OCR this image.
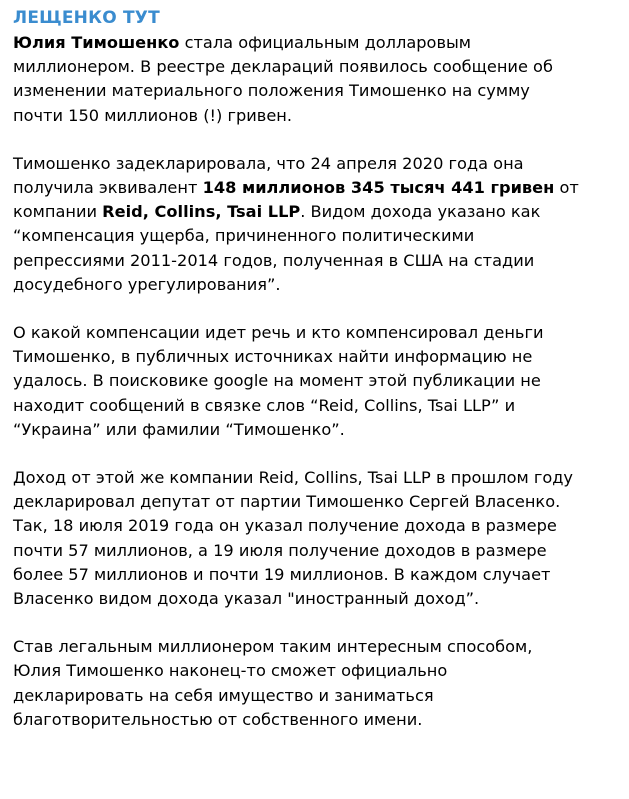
ЛЕЩЕНКО ТУТ

Юлия Тимошенко стала официальным долларовым
миллионером. В реестре деклараций появилось сообщение об
изменении материального положения Тимошенко на сумму
почти 150 миллионов (!) гривен.

Тимошенко задекларировала, что 24 апреля 2020 года она
получила эквивалент 148 миллионов 345 тысяч 441 гривен от
компании Reid, Collins, Tsai LLP. Видом дохода указано как
“компенсация ущерба, причиненного политическими
репрессиями 2011-2014 годов, полученная в США на стадии
досудебного урегулирования”.

О какой компенсации идет речь и кто компенсировал деньги
Тимошенко, в публичных источниках найти информацию не
удалось. В поисковике google на момент этой публикации не
находит сообщений в связке слов “Reid, Collins, Tsai LLP” и
“Украина” или фамилии “Тимошенко”.

Доход от этой же компании Reid, Collins, Tsai LLP в прошлом году
декларировал депутат от партии Тимошенко Сергей Власенко.
Так, 18 июля 2019 года он указал получение дохода в размере
почти 57 миллионов, а 19 июля получение доходов в размере
более 57 миллионов и почти 19 миллионов. В каждом случает
Власенко видом дохода указал "иностранный доход”.

Став легальным миллионером таким интересным способом,
Юлия Тимошенко наконец-то сможет официально
декларировать на себя имущество и заниматься
благотворительностью от собственного имени.
